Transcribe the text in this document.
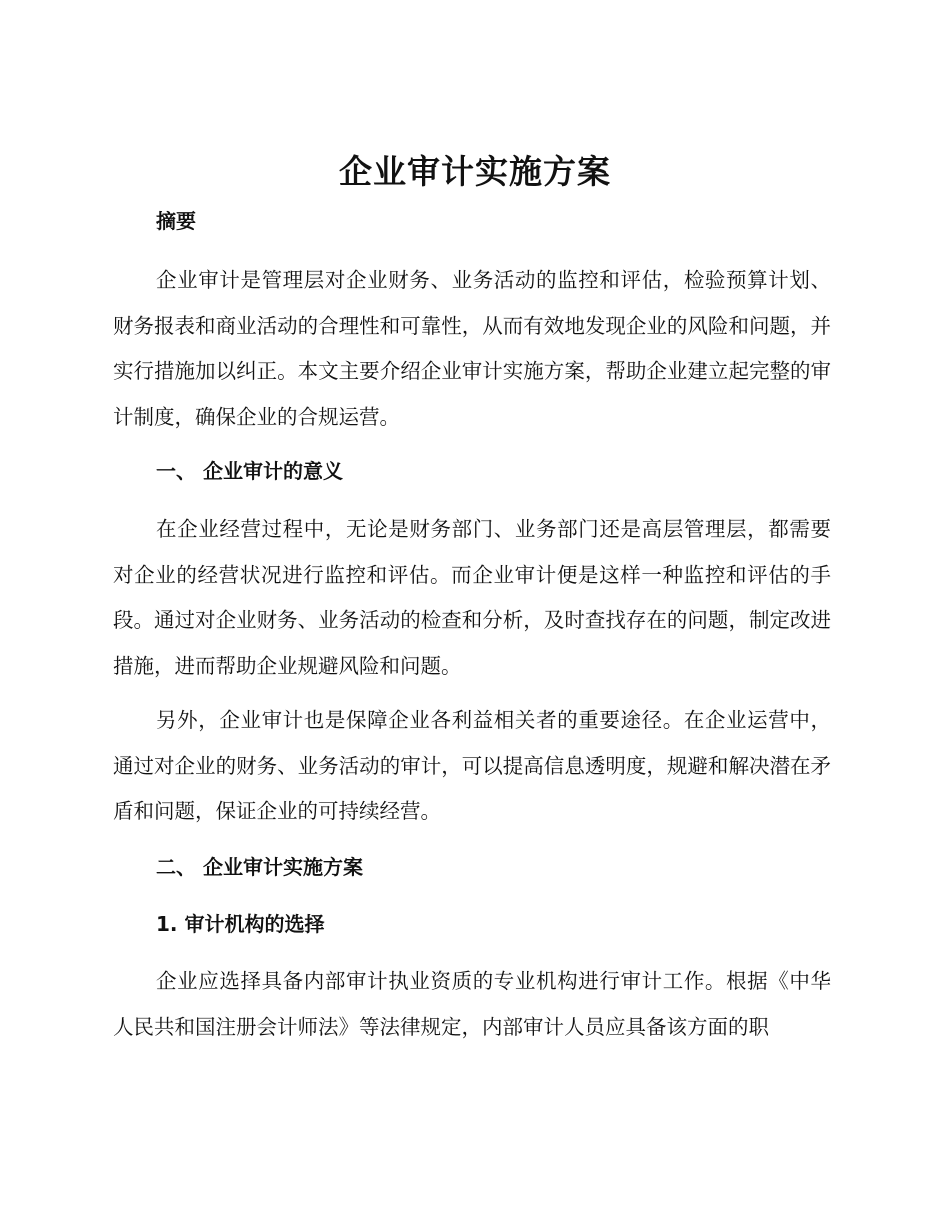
企业审计实施方案
摘要

企业审计是管理层对企业财务、业务活动的监控和评估，检验预算计划、财务报表和商业活动的合理性和可靠性，从而有效地发现企业的风险和问题，并实行措施加以纠正。本文主要介绍企业审计实施方案，帮助企业建立起完整的审计制度，确保企业的合规运营。

一、 企业审计的意义

在企业经营过程中，无论是财务部门、业务部门还是高层管理层，都需要对企业的经营状况进行监控和评估。而企业审计便是这样一种监控和评估的手段。通过对企业财务、业务活动的检查和分析，及时查找存在的问题，制定改进措施，进而帮助企业规避风险和问题。

另外，企业审计也是保障企业各利益相关者的重要途径。在企业运营中，通过对企业的财务、业务活动的审计，可以提高信息透明度，规避和解决潜在矛盾和问题，保证企业的可持续经营。

二、 企业审计实施方案
1. 审计机构的选择

企业应选择具备内部审计执业资质的专业机构进行审计工作。根据《中华人民共和国注册会计师法》等法律规定，内部审计人员应具备该方面的职
